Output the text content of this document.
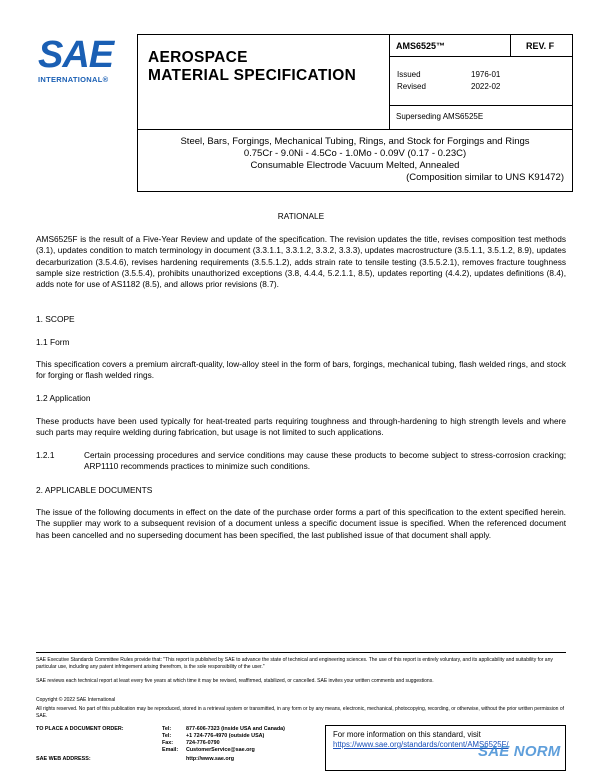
SAE
INTERNATIONAL®
AEROSPACE
MATERIAL SPECIFICATION
AMS6525™	REV. F
Issued	1976-01
Revised	2022-02
Superseding AMS6525E
Steel, Bars, Forgings, Mechanical Tubing, Rings, and Stock for Forgings and Rings
0.75Cr - 9.0Ni - 4.5Co - 1.0Mo - 0.09V (0.17 - 0.23C)
Consumable Electrode Vacuum Melted, Annealed
(Composition similar to UNS K91472)
RATIONALE
AMS6525F is the result of a Five-Year Review and update of the specification. The revision updates the title, revises composition test methods (3.1), updates condition to match terminology in document (3.3.1.1, 3.3.1.2, 3.3.2, 3.3.3), updates macrostructure (3.5.1.1, 3.5.1.2, 8.9), updates decarburization (3.5.4.6), revises hardening requirements (3.5.5.1.2), adds strain rate to tensile testing (3.5.5.2.1), removes fracture toughness sample size restriction (3.5.5.4), prohibits unauthorized exceptions (3.8, 4.4.4, 5.2.1.1, 8.5), updates reporting (4.4.2), updates definitions (8.4), adds note for use of AS1182 (8.5), and allows prior revisions (8.7).
1. SCOPE
1.1 Form
This specification covers a premium aircraft-quality, low-alloy steel in the form of bars, forgings, mechanical tubing, flash welded rings, and stock for forging or flash welded rings.
1.2 Application
These products have been used typically for heat-treated parts requiring toughness and through-hardening to high strength levels and where such parts may require welding during fabrication, but usage is not limited to such applications.
1.2.1	Certain processing procedures and service conditions may cause these products to become subject to stress-corrosion cracking; ARP1110 recommends practices to minimize such conditions.
2. APPLICABLE DOCUMENTS
The issue of the following documents in effect on the date of the purchase order forms a part of this specification to the extent specified herein. The supplier may work to a subsequent revision of a document unless a specific document issue is specified. When the referenced document has been cancelled and no superseding document has been specified, the last published issue of that document shall apply.
SAE Executive Standards Committee Rules provide that: "This report is published by SAE to advance the state of technical and engineering sciences. The use of this report is entirely voluntary, and its applicability and suitability for any particular use, including any patent infringement arising therefrom, is the sole responsibility of the user."
SAE reviews each technical report at least every five years at which time it may be revised, reaffirmed, stabilized, or cancelled. SAE invites your written comments and suggestions.
Copyright © 2022 SAE International
All rights reserved. No part of this publication may be reproduced, stored in a retrieval system or transmitted, in any form or by any means, electronic, mechanical, photocopying, recording, or otherwise, without the prior written permission of SAE.
TO PLACE A DOCUMENT ORDER:	Tel:	877-606-7323 (inside USA and Canada)
Tel:	+1 724-776-4970 (outside USA)
Fax: 724-776-0790
Email: CustomerService@sae.org
SAE WEB ADDRESS:	http://www.sae.org
For more information on this standard, visit
https://www.sae.org/standards/content/AMS6525F/
SAE NORM
